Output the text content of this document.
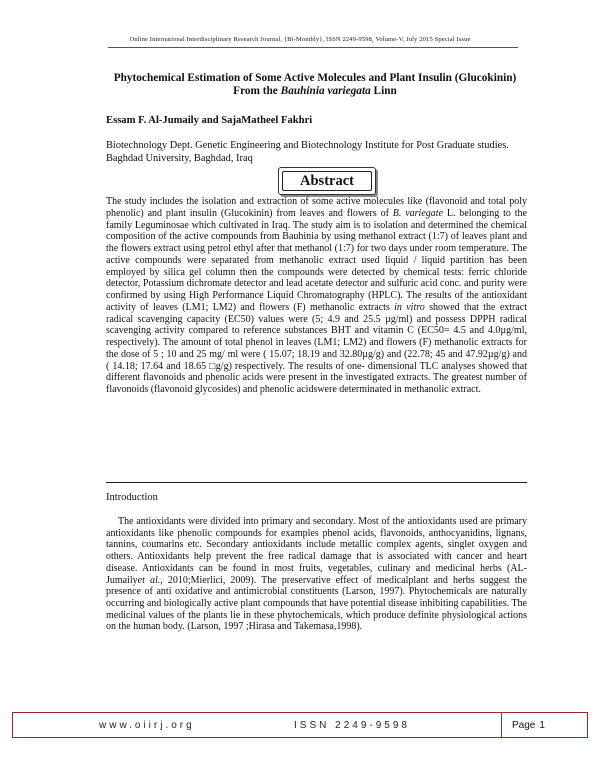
Online International Interdisciplinary Research Journal, {Bi-Monthly}, ISSN 2249-9598, Volume-V, July 2015 Special Issue
Phytochemical Estimation of Some Active Molecules and Plant Insulin (Glucokinin)
From the Bauhinia variegata Linn
Essam F. Al-Jumaily and SajaMatheel Fakhri
Biotechnology Dept. Genetic Engineering and Biotechnology Institute for Post Graduate studies. Baghdad University, Baghdad, Iraq
Abstract
The study includes the isolation and extraction of some active molecules like (flavonoid and total poly phenolic) and plant insulin (Glucokinin) from leaves and flowers of B. variegate L. belonging to the family Leguminosae which cultivated in Iraq. The study aim is to isolation and determined the chemical composition of the active compounds from Bauhinia by using methanol extract (1:7) of leaves plant and the flowers extract using petrol ethyl after that methanol (1:7) for two days under room temperature. The active compounds were separated from methanolic extract used liquid / liquid partition has been employed by silica gel column then the compounds were detected by chemical tests: ferric chloride detector, Potassium dichromate detector and lead acetate detector and sulfuric acid conc. and purity were confirmed by using High Performance Liquid Chromatography (HPLC). The results of the antioxidant activity of leaves (LM1; LM2) and flowers (F) methanolic extracts in vitro showed that the extract radical scavenging capacity (EC50) values were (5; 4.9 and 25.5 µg/ml) and possess DPPH radical scavenging activity compared to reference substances BHT and vitamin C (EC50= 4.5 and 4.0µg/ml, respectively). The amount of total phenol in leaves (LM1; LM2) and flowers (F) methanolic extracts for the dose of 5 ; 10 and 25 mg/ ml were ( 15.07; 18.19 and 32.80µg/g) and (22.78; 45 and 47.92µg/g) and ( 14.18; 17.64 and 18.65 □g/g) respectively. The results of one- dimensional TLC analyses showed that different flavonoids and phenolic acids were present in the investigated extracts. The greatest number of flavonoids (flavonoid glycosides) and phenolic acidswere determinated in methanolic extract.
Introduction
The antioxidants were divided into primary and secondary. Most of the antioxidants used are primary antioxidants like phenolic compounds for examples phenol acids, flavonoids, anthocyanidins, lignans, tannins, coumarins etc. Secondary antioxidants include metallic complex agents, singlet oxygen and others. Antioxidants help prevent the free radical damage that is associated with cancer and heart disease. Antioxidants can be found in most fruits, vegetables, culinary and medicinal herbs (AL-Jumailyet al., 2010;Mierlici, 2009). The preservative effect of medicalplant and herbs suggest the presence of anti oxidative and antimicrobial constituents (Larson, 1997). Phytochemicals are naturally occurring and biologically active plant compounds that have potential disease inhibiting capabilities. The medicinal values of the plants lie in these phytochemicals, which produce definite physiological actions on the human body. (Larson, 1997 ;Hirasa and Takemasa,1998).
www.oiirj.org	ISSN 2249-9598	Page 1
